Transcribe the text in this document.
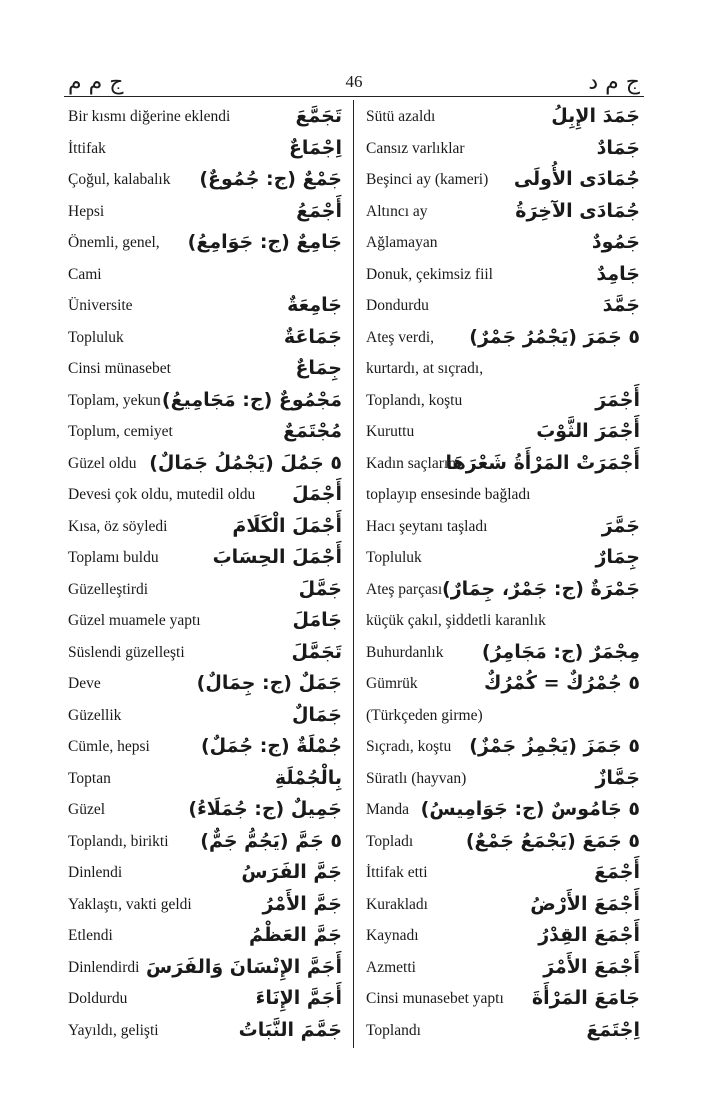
ج م م	46	ج م د
Bir kısmı diğerine eklendi	تَجَمَّعَ
İttifak	اِجْمَاعٌ
Çoğul, kalabalık جَمْعٌ (ج: جُمُوعٌ)
Hepsi	أَجْمَعُ
Önemli, genel, جَامِعٌ (ج: جَوَامِعُ)
Cami
Üniversite	جَامِعَةٌ
Topluluk	جَمَاعَةٌ
Cinsi münasebet	جِمَاعٌ
Toplam, yekun مَجْمُوعٌ (ج: مَجَامِيعُ)
Toplum, cemiyet	مُجْتَمَعٌ
Güzel oldu ٥ جَمُلَ (يَجْمُلُ جَمَالٌ)
Devesi çok oldu, mutedil oldu أَجْمَلَ
Kısa, öz söyledi	أَجْمَلَ الْكَلَامَ
Toplamı buldu	أَجْمَلَ الحِسَابَ
Güzelleştirdi	جَمَّلَ
Güzel muamele yaptı	جَامَلَ
Süslendi güzelleşti	تَجَمَّلَ
Deve	جَمَلٌ (ج: جِمَالٌ)
Güzellik	جَمَالٌ
Cümle, hepsi	جُمْلَةٌ (ج: جُمَلٌ)
Toptan	بِالْجُمْلَةِ
Güzel	جَمِيلٌ (ج: جُمَلَاءُ)
Toplandı, birikti ٥ جَمَّ (يَجُمُّ جَمٌّ)
Dinlendi	جَمَّ الفَرَسُ
Yaklaştı, vakti geldi	جَمَّ الأَمْرُ
Etlendi	جَمَّ العَظْمُ
Dinlendirdi أَجَمَّ الإِنْسَانَ وَالفَرَسَ
Doldurdu	أَجَمَّ الإِنَاءَ
Yayıldı, gelişti	جَمَّمَ النَّبَاتُ
Sütü azaldı	جَمَدَ الإِبِلُ
Cansız varlıklar	جَمَادٌ
Beşinci ay (kameri) جُمَادَى الأُولَى
Altıncı ay	جُمَادَى الآخِرَةُ
Ağlamayan	جَمُودٌ
Donuk, çekimsiz fiil	جَامِدٌ
Dondurdu	جَمَّدَ
Ateş verdi, ٥ جَمَرَ (يَجْمُرُ جَمْرٌ)
kurtardı, at sıçradı,
Toplandı, koştu	أَجْمَرَ
Kuruttu	أَجْمَرَ الثَّوْبَ
Kadın saçlarını
أَجْمَرَتْ المَرْأَةُ شَعْرَهَا
toplayıp ensesinde bağladı
Hacı şeytanı taşladı	جَمَّرَ
Topluluk	جِمَارٌ
Ateş parçası جَمْرَةٌ (ج: جَمْرٌ، جِمَارٌ)
küçük çakıl, şiddetli karanlık
Buhurdanlık مِجْمَرٌ (ج: مَجَامِرُ)
Gümrük	٥ جُمْرُكٌ = كُمْرُكٌ
(Türkçeden girme)
Sıçradı, koştu ٥ جَمَزَ (يَجْمِزُ جَمْزٌ)
Süratlı (hayvan)	جَمَّازٌ
Manda ٥ جَامُوسٌ (ج: جَوَامِيسُ)
Topladı	٥ جَمَعَ (يَجْمَعُ جَمْعٌ)
İttifak etti	أَجْمَعَ
Kurakladı	أَجْمَعَ الأَرْضُ
Kaynadı	أَجْمَعَ القِدْرُ
Azmetti	أَجْمَعَ الأَمْرَ
Cinsi munasebet yaptı جَامَعَ المَرْأَةَ
Toplandı	اِجْتَمَعَ
